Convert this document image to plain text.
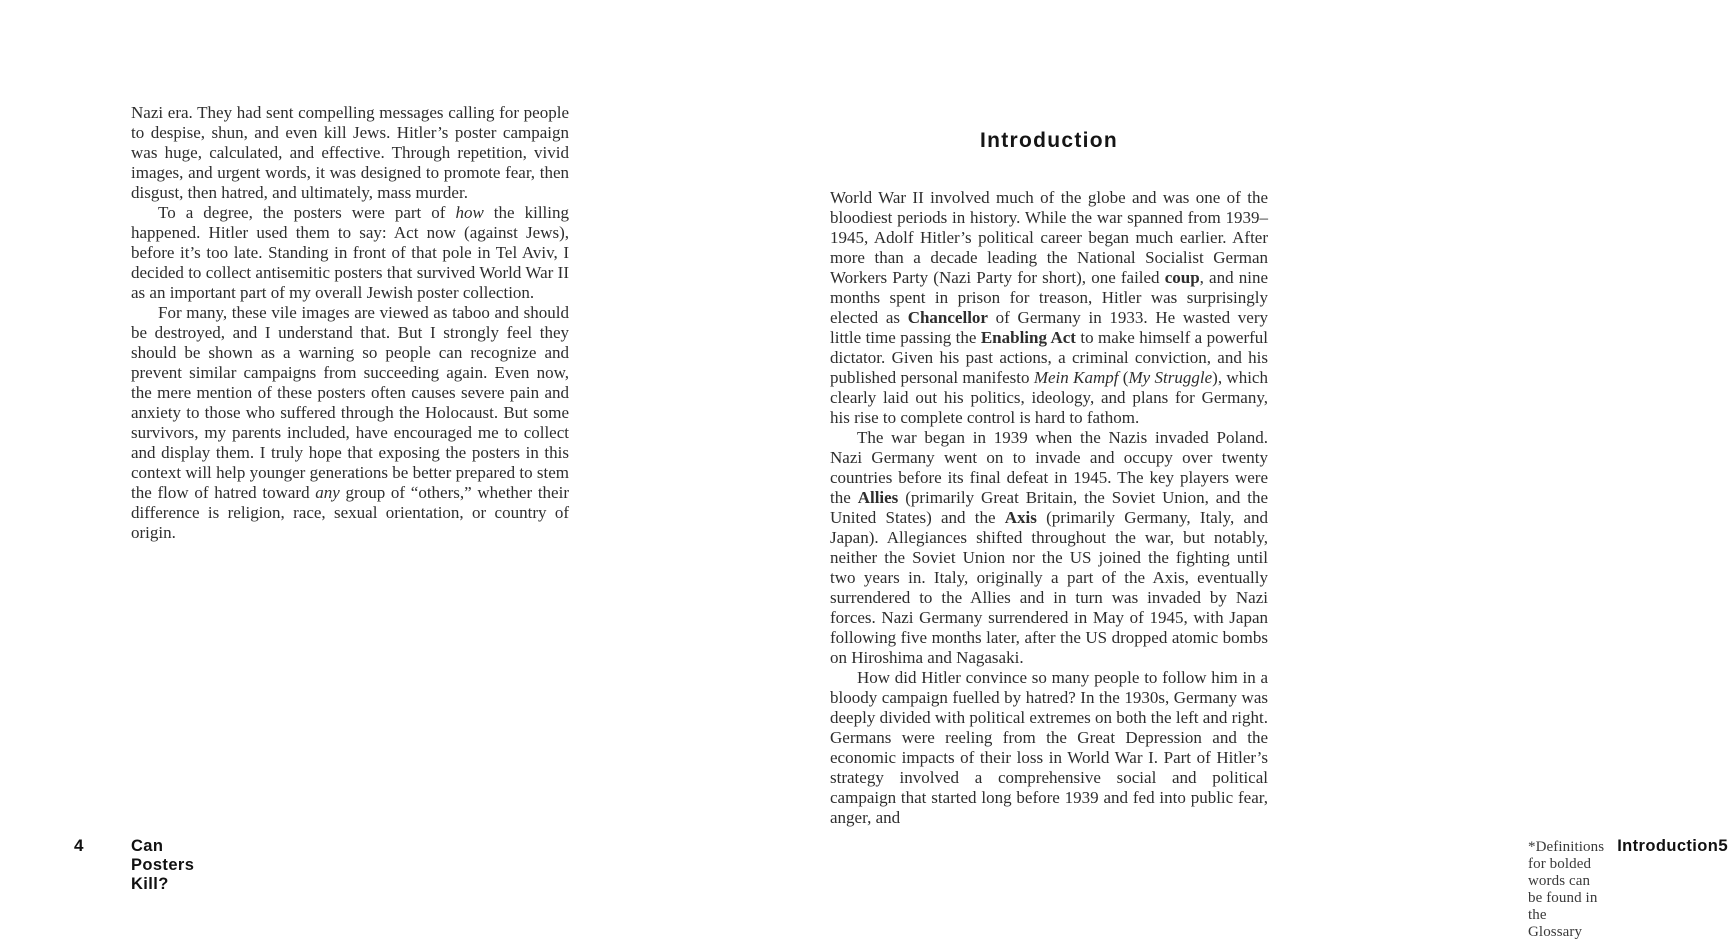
Nazi era. They had sent compelling messages calling for people to despise, shun, and even kill Jews. Hitler’s poster campaign was huge, calculated, and effective. Through repetition, vivid images, and urgent words, it was designed to promote fear, then disgust, then hatred, and ultimately, mass murder.

To a degree, the posters were part of how the killing happened. Hitler used them to say: Act now (against Jews), before it’s too late. Standing in front of that pole in Tel Aviv, I decided to collect antisemitic posters that survived World War II as an important part of my overall Jewish poster collection.

For many, these vile images are viewed as taboo and should be destroyed, and I understand that. But I strongly feel they should be shown as a warning so people can recognize and prevent similar campaigns from succeeding again. Even now, the mere mention of these posters often causes severe pain and anxiety to those who suffered through the Holocaust. But some survivors, my parents included, have encouraged me to collect and display them. I truly hope that exposing the posters in this context will help younger generations be better prepared to stem the flow of hatred toward any group of “others,” whether their difference is religion, race, sexual orientation, or country of origin.

4	Can Posters Kill?
Introduction

World War II involved much of the globe and was one of the bloodiest periods in history. While the war spanned from 1939–1945, Adolf Hitler’s political career began much earlier. After more than a decade leading the National Socialist German Workers Party (Nazi Party for short), one failed coup, and nine months spent in prison for treason, Hitler was surprisingly elected as Chancellor of Germany in 1933. He wasted very little time passing the Enabling Act to make himself a powerful dictator. Given his past actions, a criminal conviction, and his published personal manifesto Mein Kampf (My Struggle), which clearly laid out his politics, ideology, and plans for Germany, his rise to complete control is hard to fathom.

The war began in 1939 when the Nazis invaded Poland. Nazi Germany went on to invade and occupy over twenty countries before its final defeat in 1945. The key players were the Allies (primarily Great Britain, the Soviet Union, and the United States) and the Axis (primarily Germany, Italy, and Japan). Allegiances shifted throughout the war, but notably, neither the Soviet Union nor the US joined the fighting until two years in. Italy, originally a part of the Axis, eventually surrendered to the Allies and in turn was invaded by Nazi forces. Nazi Germany surrendered in May of 1945, with Japan following five months later, after the US dropped atomic bombs on Hiroshima and Nagasaki.

How did Hitler convince so many people to follow him in a bloody campaign fuelled by hatred? In the 1930s, Germany was deeply divided with political extremes on both the left and right. Germans were reeling from the Great Depression and the economic impacts of their loss in World War I. Part of Hitler’s strategy involved a comprehensive social and political campaign that started long before 1939 and fed into public fear, anger, and

*Definitions for bolded words can be found in the Glossary
Introduction 5
